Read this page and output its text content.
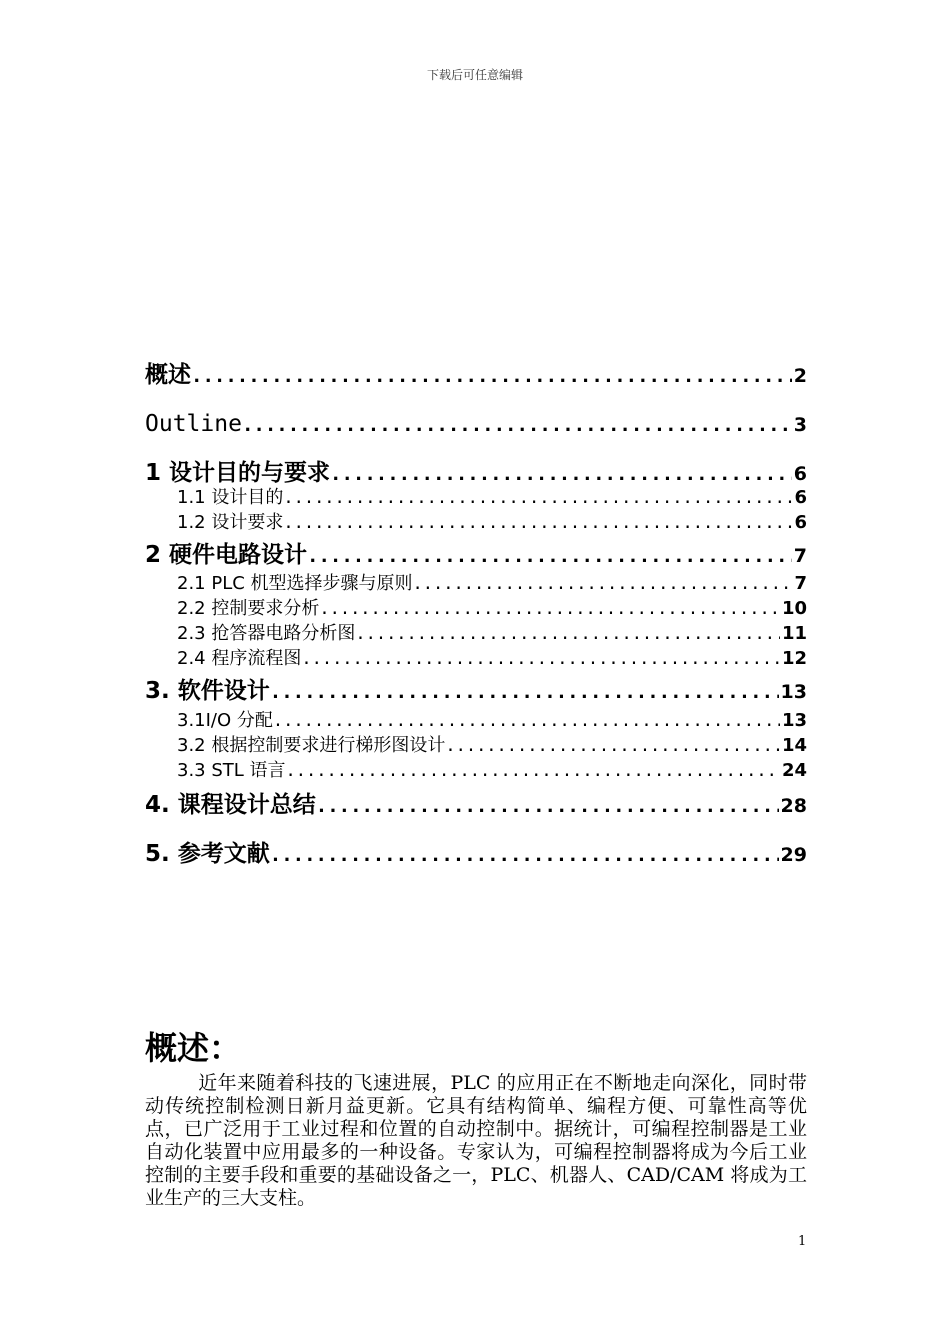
下载后可任意编辑
概述 .....	2
Outline .....	3
1 设计目的与要求 .....	6
1.1 设计目的 .....	6
1.2 设计要求 .....	6
2 硬件电路设计 .....	7
2.1 PLC 机型选择步骤与原则 .....	7
2.2 控制要求分析 .....	10
2.3 抢答器电路分析图 .....	11
2.4 程序流程图 .....	12
3. 软件设计 .....	13
3.1I/O 分配 .....	13
3.2 根据控制要求进行梯形图设计 .....	14
3.3 STL 语言 .....	24
4. 课程设计总结 .....	28
5. 参考文献 .....	29
概述：

近年来随着科技的飞速进展，PLC 的应用正在不断地走向深化，同时带动传统控制检测日新月益更新。它具有结构简单、编程方便、可靠性高等优点，已广泛用于工业过程和位置的自动控制中。据统计，可编程控制器是工业自动化装置中应用最多的一种设备。专家认为，可编程控制器将成为今后工业控制的主要手段和重要的基础设备之一，PLC、机器人、CAD/CAM 将成为工业生产的三大支柱。

1
